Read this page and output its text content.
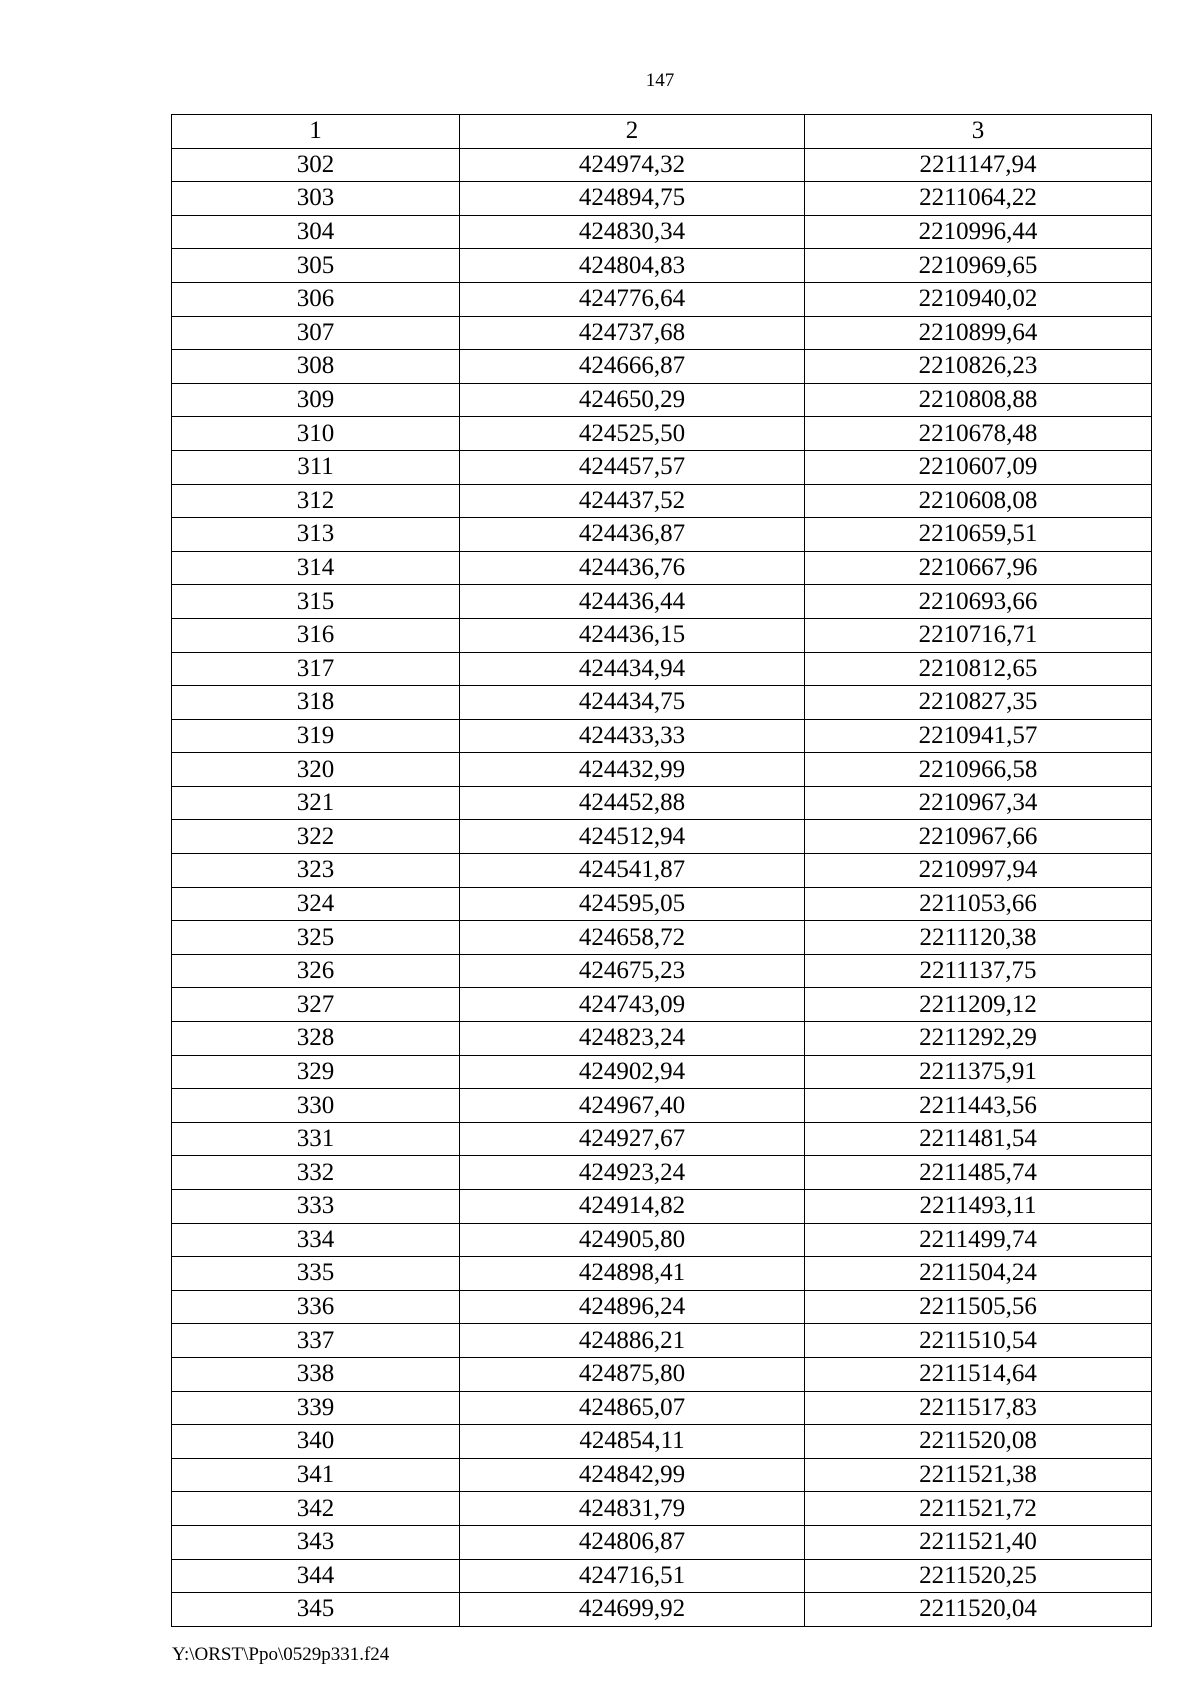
147
1	2	3
302	424974,32	2211147,94
303	424894,75	2211064,22
304	424830,34	2210996,44
305	424804,83	2210969,65
306	424776,64	2210940,02
307	424737,68	2210899,64
308	424666,87	2210826,23
309	424650,29	2210808,88
310	424525,50	2210678,48
311	424457,57	2210607,09
312	424437,52	2210608,08
313	424436,87	2210659,51
314	424436,76	2210667,96
315	424436,44	2210693,66
316	424436,15	2210716,71
317	424434,94	2210812,65
318	424434,75	2210827,35
319	424433,33	2210941,57
320	424432,99	2210966,58
321	424452,88	2210967,34
322	424512,94	2210967,66
323	424541,87	2210997,94
324	424595,05	2211053,66
325	424658,72	2211120,38
326	424675,23	2211137,75
327	424743,09	2211209,12
328	424823,24	2211292,29
329	424902,94	2211375,91
330	424967,40	2211443,56
331	424927,67	2211481,54
332	424923,24	2211485,74
333	424914,82	2211493,11
334	424905,80	2211499,74
335	424898,41	2211504,24
336	424896,24	2211505,56
337	424886,21	2211510,54
338	424875,80	2211514,64
339	424865,07	2211517,83
340	424854,11	2211520,08
341	424842,99	2211521,38
342	424831,79	2211521,72
343	424806,87	2211521,40
344	424716,51	2211520,25
345	424699,92	2211520,04
Y:\ORST\Ppo\0529p331.f24
